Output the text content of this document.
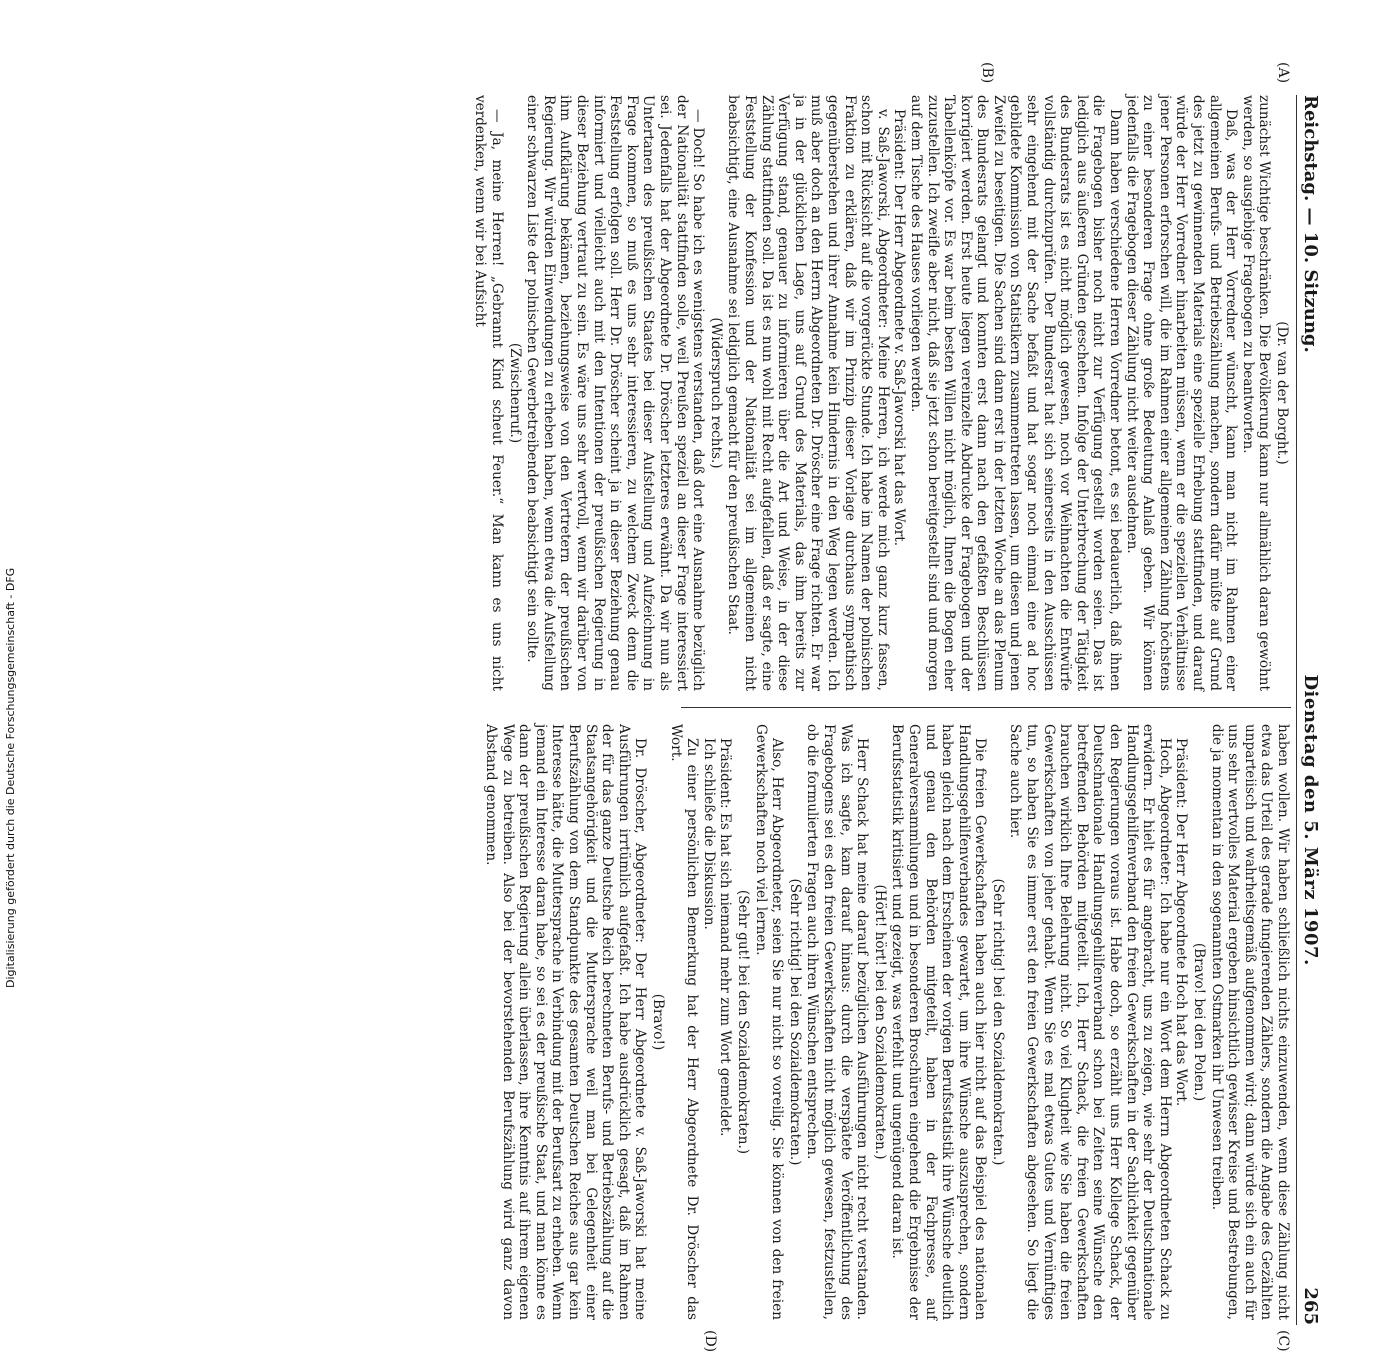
Reichstag. — 10. Sitzung.
Dienstag den 5. März 1907.
265
(A)
(B)
(C)
(D)

(Dr. van der Borght.)

zunächst Wichtige beschränken. Die Bevölkerung kann nur allmählich daran gewöhnt werden, so ausgiebige Fragebogen zu beantworten.

Daß, was der Herr Vorredner wünscht, kann man nicht im Rahmen einer allgemeinen Berufs- und Betriebszählung machen, sondern dafür müßte auf Grund des jetzt zu gewinnenden Materials eine spezielle Erhebung stattfinden, und darauf würde der Herr Vorredner hinarbeiten müssen, wenn er die speziellen Verhältnisse jener Personen erforschen will, die im Rahmen einer allgemeinen Zählung höchstens zu einer besonderen Frage ohne große Bedeutung Anlaß geben. Wir können jedenfalls die Fragebogen dieser Zählung nicht weiter ausdehnen.

Dann haben verschiedene Herren Vorredner betont, es sei bedauerlich, daß ihnen die Fragebogen bisher noch nicht zur Verfügung gestellt worden seien. Das ist lediglich aus äußeren Gründen geschehen. Infolge der Unterbrechung der Tätigkeit des Bundesrats ist es nicht möglich gewesen, noch vor Weihnachten die Entwürfe vollständig durchzuprüfen. Der Bundesrat hat sich seinerseits in den Ausschüssen sehr eingehend mit der Sache befaßt und hat sogar noch einmal eine ad hoc gebildete Kommission von Statistikern zusammentreten lassen, um diesen und jenen Zweifel zu beseitigen. Die Sachen sind dann erst in der letzten Woche an das Plenum des Bundesrats gelangt und konnten erst dann nach den gefaßten Beschlüssen korrigiert werden. Erst heute liegen vereinzelte Abdrucke der Fragebogen und der Tabellenköpfe vor. Es war beim besten Willen nicht möglich, Ihnen die Bogen eher zuzustellen. Ich zweifle aber nicht, daß sie jetzt schon bereitgestellt sind und morgen auf dem Tische des Hauses vorliegen werden.

Präsident: Der Herr Abgeordnete v. Saß-Jaworski hat das Wort.

v. Saß-Jaworski, Abgeordneter: Meine Herren, ich werde mich ganz kurz fassen, schon mit Rücksicht auf die vorgerückte Stunde. Ich habe im Namen der polnischen Fraktion zu erklären, daß wir im Prinzip dieser Vorlage durchaus sympathisch gegenüberstehen und ihrer Annahme kein Hindernis in den Weg legen werden. Ich muß aber doch an den Herrn Abgeordneten Dr. Dröscher eine Frage richten. Er war ja in der glücklichen Lage, uns auf Grund des Materials, das ihm bereits zur Verfügung stand, genauer zu informieren über die Art und Weise, in der diese Zählung stattfinden soll. Da ist es nun wohl mit Recht aufgefallen, daß er sagte, eine Feststellung der Konfession und der Nationalität sei im allgemeinen nicht beabsichtigt, eine Ausnahme sei lediglich gemacht für den preußischen Staat.

(Widerspruch rechts.)

— Doch! So habe ich es wenigstens verstanden, daß dort eine Ausnahme bezüglich der Nationalität stattfinden solle, weil Preußen speziell an dieser Frage interessiert sei. Jedenfalls hat der Abgeordnete Dr. Dröscher letzteres erwähnt. Da wir nun als Untertanen des preußischen Staates bei dieser Aufstellung und Aufzeichnung in Frage kommen, so muß es uns sehr interessieren, zu welchem Zweck denn die Feststellung erfolgen soll. Herr Dr. Dröscher scheint ja in dieser Beziehung genau informiert und vielleicht auch mit den Intentionen der preußischen Regierung in dieser Beziehung vertraut zu sein. Es wäre uns sehr wertvoll, wenn wir darüber von ihm Aufklärung bekämen, beziehungsweise von den Vertretern der preußischen Regierung. Wir würden Einwendungen zu erheben haben, wenn etwa die Aufstellung einer schwarzen Liste der polnischen Gewerbetreibenden beabsichtigt sein sollte.

(Zwischenruf.)

— Ja, meine Herren! „Gebrannt Kind scheut Feuer.“ Man kann es uns nicht verdenken, wenn wir bei Aufsicht

haben wollen. Wir haben schließlich nichts einzuwenden, wenn diese Zählung nicht etwa das Urteil des gerade fungierenden Zählers, sondern die Angabe des Gezählten unparteiisch und wahrheitsgemäß aufgenommen wird; dann würde sich ein auch für uns sehr wertvolles Material ergeben hinsichtlich gewisser Kreise und Bestrebungen, die ja momentan in den sogenannten Ostmarken ihr Unwesen treiben.

(Bravo! bei den Polen.)

Präsident: Der Herr Abgeordnete Hoch hat das Wort.

Hoch, Abgeordneter: Ich habe nur ein Wort dem Herrn Abgeordneten Schack zu erwidern. Er hielt es für angebracht, uns zu zeigen, wie sehr der Deutschnationale Handlungsgehilfenverband den freien Gewerkschaften in der Sachlichkeit gegenüber den Regierungen voraus ist. Habe doch, so erzählt uns Herr Kollege Schack, der Deutschnationale Handlungsgehilfenverband schon bei Zeiten seine Wünsche den betreffenden Behörden mitgeteilt. Ich, Herr Schack, die freien Gewerkschaften brauchen wirklich Ihre Belehrung nicht. So viel Klugheit wie Sie haben die freien Gewerkschaften von jeher gehabt. Wenn Sie es mal etwas Gutes und Vernünftiges tun, so haben Sie es immer erst den freien Gewerkschaften abgesehen. So liegt die Sache auch hier.

(Sehr richtig! bei den Sozialdemokraten.)

Die freien Gewerkschaften haben auch hier nicht auf das Beispiel des nationalen Handlungsgehilfenverbandes gewartet, um ihre Wünsche auszusprechen, sondern haben gleich nach dem Erscheinen der vorigen Berufsstatistik ihre Wünsche deutlich und genau den Behörden mitgeteilt, haben in der Fachpresse, auf Generalversammlungen und in besonderen Broschüren eingehend die Ergebnisse der Berufsstatistik kritisiert und gezeigt, was verfehlt und ungenügend daran ist.

(Hört! hört! bei den Sozialdemokraten.)

Herr Schack hat meine darauf bezüglichen Ausführungen nicht recht verstanden. Was ich sagte, kam darauf hinaus: durch die verspätete Veröffentlichung des Fragebogens sei es den freien Gewerkschaften nicht möglich gewesen, festzustellen, ob die formulierten Fragen auch ihren Wünschen entsprechen.

(Sehr richtig! bei den Sozialdemokraten.)

Also, Herr Abgeordneter, seien Sie nur nicht so voreilig. Sie können von den freien Gewerkschaften noch viel lernen.

(Sehr gut! bei den Sozialdemokraten.)

Präsident: Es hat sich niemand mehr zum Wort gemeldet.

Ich schließe die Diskussion.

Zu einer persönlichen Bemerkung hat der Herr Abgeordnete Dr. Dröscher das Wort.

(Bravo!)

Dr. Dröscher, Abgeordneter: Der Herr Abgeordnete v. Saß-Jaworski hat meine Ausführungen irrtümlich aufgefaßt. Ich habe ausdrücklich gesagt, daß im Rahmen der für das ganze Deutsche Reich berechneten Berufs- und Betriebszählung auf die Staatsangehörigkeit und die Muttersprache weil man bei Gelegenheit einer Berufszählung von dem Standpunkte des gesamten Deutschen Reiches aus gar kein Interesse hätte, die Muttersprache in Verbindung mit der Berufsart zu erheben. Wenn jemand ein Interesse daran habe, so sei es der preußische Staat, und man könne es dann der preußischen Regierung allein überlassen, ihre Kenntnis auf ihrem eigenen Wege zu betreiben. Also bei der bevorstehenden Berufszählung wird ganz davon Abstand genommen.

Digitalisierung gefördert durch die Deutsche Forschungsgemeinschaft - DFG
